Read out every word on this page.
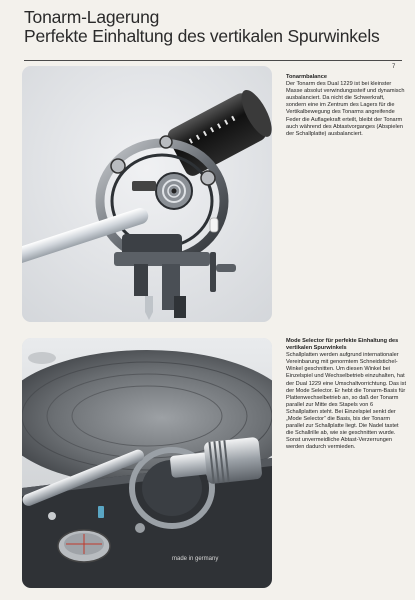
Tonarm-Lagerung
Perfekte Einhaltung des vertikalen Spurwinkels
7
made in germany

Tonarmbalance

Der Tonarm des Dual 1229 ist bei kleinster Masse absolut verwindungssteif und dynamisch ausbalanciert. Da nicht die Schwerkraft, sondern eine im Zentrum des Lagers für die Vertikalbewegung des Tonarms angreifende Feder die Auflagekraft erteilt, bleibt der Tonarm auch während des Abtastvorganges (Abspielen der Schallplatte) ausbalanciert.

Mode Selector für perfekte Einhaltung des vertikalen Spurwinkels

Schallplatten werden aufgrund internationaler Vereinbarung mit genormtem Schneidstichel-Winkel geschnitten. Um diesen Winkel bei Einzelspiel und Wechselbetrieb einzuhalten, hat der Dual 1229 eine Umschaltvorrichtung. Das ist der Mode Selector. Er hebt die Tonarm-Basis für Plattenwechselbetrieb an, so daß der Tonarm parallel zur Mitte des Stapels von 6 Schallplatten steht. Bei Einzelspiel senkt der „Mode Selector“ die Basis, bis der Tonarm parallel zur Schallplatte liegt. Die Nadel tastet die Schallrille ab, wie sie geschnitten wurde. Sonst unvermeidliche Abtast-Verzerrungen werden dadurch vermieden.
